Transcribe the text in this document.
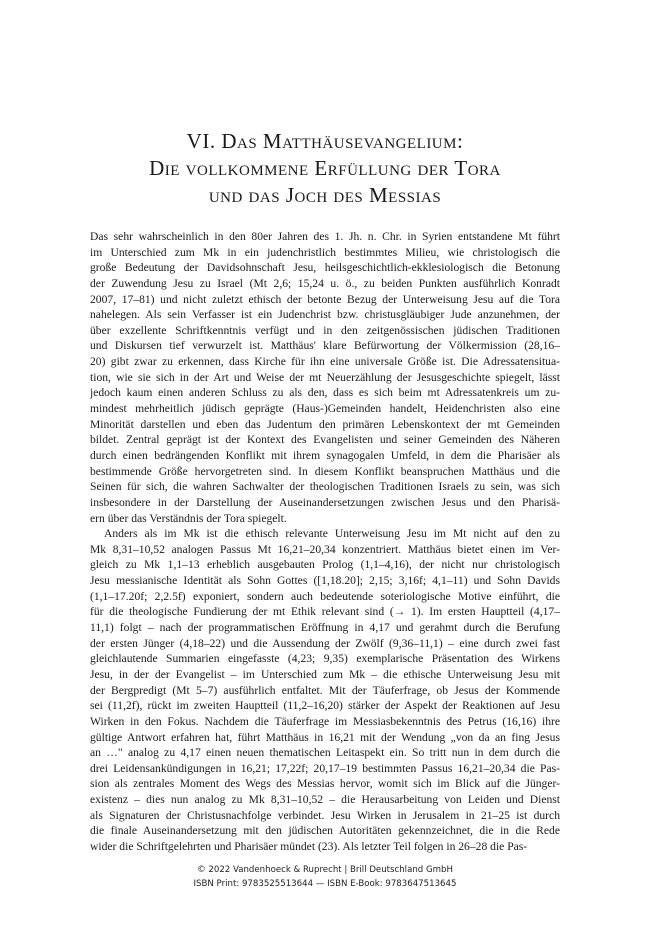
VI. Das Matthäusevangelium:
Die vollkommene Erfüllung der Tora
und das Joch des Messias
Das sehr wahrscheinlich in den 80er Jahren des 1. Jh. n. Chr. in Syrien entstandene Mt führt
im Unterschied zum Mk in ein judenchristlich bestimmtes Milieu, wie christologisch die
große Bedeutung der Davidsohnschaft Jesu, heilsgeschichtlich-ekklesiologisch die Betonung
der Zuwendung Jesu zu Israel (Mt 2,6; 15,24 u. ö., zu beiden Punkten ausführlich Konradt
2007, 17–81) und nicht zuletzt ethisch der betonte Bezug der Unterweisung Jesu auf die Tora
nahelegen. Als sein Verfasser ist ein Judenchrist bzw. christusgläubiger Jude anzunehmen, der
über exzellente Schriftkenntnis verfügt und in den zeitgenössischen jüdischen Traditionen
und Diskursen tief verwurzelt ist. Matthäus' klare Befürwortung der Völkermission (28,16–
20) gibt zwar zu erkennen, dass Kirche für ihn eine universale Größe ist. Die Adressatensitua-
tion, wie sie sich in der Art und Weise der mt Neuerzählung der Jesusgeschichte spiegelt, lässt
jedoch kaum einen anderen Schluss zu als den, dass es sich beim mt Adressatenkreis um zu-
mindest mehrheitlich jüdisch geprägte (Haus-)Gemeinden handelt, Heidenchristen also eine
Minorität darstellen und eben das Judentum den primären Lebenskontext der mt Gemeinden
bildet. Zentral geprägt ist der Kontext des Evangelisten und seiner Gemeinden des Näheren
durch einen bedrängenden Konflikt mit ihrem synagogalen Umfeld, in dem die Pharisäer als
bestimmende Größe hervorgetreten sind. In diesem Konflikt beanspruchen Matthäus und die
Seinen für sich, die wahren Sachwalter der theologischen Traditionen Israels zu sein, was sich
insbesondere in der Darstellung der Auseinandersetzungen zwischen Jesus und den Pharisä-
ern über das Verständnis der Tora spiegelt.
Anders als im Mk ist die ethisch relevante Unterweisung Jesu im Mt nicht auf den zu
Mk 8,31–10,52 analogen Passus Mt 16,21–20,34 konzentriert. Matthäus bietet einen im Ver-
gleich zu Mk 1,1–13 erheblich ausgebauten Prolog (1,1–4,16), der nicht nur christologisch
Jesu messianische Identität als Sohn Gottes ([1,18.20]; 2,15; 3,16f; 4,1–11) und Sohn Davids
(1,1–17.20f; 2,2.5f) exponiert, sondern auch bedeutende soteriologische Motive einführt, die
für die theologische Fundierung der mt Ethik relevant sind (→ 1). Im ersten Hauptteil (4,17–
11,1) folgt – nach der programmatischen Eröffnung in 4,17 und gerahmt durch die Berufung
der ersten Jünger (4,18–22) und die Aussendung der Zwölf (9,36–11,1) – eine durch zwei fast
gleichlautende Summarien eingefasste (4,23; 9,35) exemplarische Präsentation des Wirkens
Jesu, in der der Evangelist – im Unterschied zum Mk – die ethische Unterweisung Jesu mit
der Bergpredigt (Mt 5–7) ausführlich entfaltet. Mit der Täuferfrage, ob Jesus der Kommende
sei (11,2f), rückt im zweiten Hauptteil (11,2–16,20) stärker der Aspekt der Reaktionen auf Jesu
Wirken in den Fokus. Nachdem die Täuferfrage im Messiasbekenntnis des Petrus (16,16) ihre
gültige Antwort erfahren hat, führt Matthäus in 16,21 mit der Wendung „von da an fing Jesus
an …" analog zu 4,17 einen neuen thematischen Leitaspekt ein. So tritt nun in dem durch die
drei Leidensankündigungen in 16,21; 17,22f; 20,17–19 bestimmten Passus 16,21–20,34 die Pas-
sion als zentrales Moment des Wegs des Messias hervor, womit sich im Blick auf die Jünger-
existenz – dies nun analog zu Mk 8,31–10,52 – die Herausarbeitung von Leiden und Dienst
als Signaturen der Christusnachfolge verbindet. Jesu Wirken in Jerusalem in 21–25 ist durch
die finale Auseinandersetzung mit den jüdischen Autoritäten gekennzeichnet, die in die Rede
wider die Schriftgelehrten und Pharisäer mündet (23). Als letzter Teil folgen in 26–28 die Pas-
© 2022 Vandenhoeck & Ruprecht | Brill Deutschland GmbH
ISBN Print: 9783525513644 — ISBN E-Book: 9783647513645
